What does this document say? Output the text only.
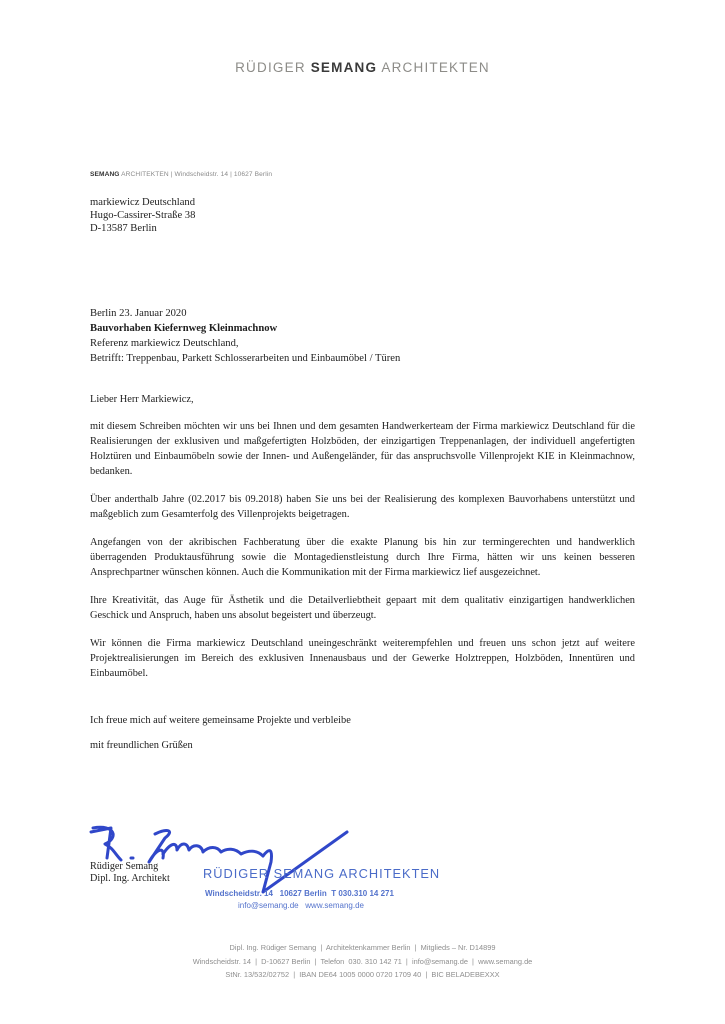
RÜDIGER SEMANG ARCHITEKTEN
SEMANG ARCHITEKTEN | Windscheidstr. 14 | 10627 Berlin
markiewicz Deutschland
Hugo-Cassirer-Straße 38
D-13587 Berlin
Berlin 23. Januar 2020
Bauvorhaben Kiefernweg Kleinmachnow
Referenz markiewicz Deutschland,
Betrifft: Treppenbau, Parkett Schlosserarbeiten und Einbaumöbel / Türen

Lieber Herr Markiewicz,

mit diesem Schreiben möchten wir uns bei Ihnen und dem gesamten Handwerkerteam der Firma markiewicz Deutschland für die Realisierungen der exklusiven und maßgefertigten Holzböden, der einzigartigen Treppenanlagen, der individuell angefertigten Holztüren und Einbaumöbeln sowie der Innen- und Außengeländer, für das anspruchsvolle Villenprojekt KIE in Kleinmachnow, bedanken.

Über anderthalb Jahre (02.2017 bis 09.2018) haben Sie uns bei der Realisierung des komplexen Bauvorhabens unterstützt und maßgeblich zum Gesamterfolg des Villenprojekts beigetragen.

Angefangen von der akribischen Fachberatung über die exakte Planung bis hin zur termingerechten und handwerklich überragenden Produktausführung sowie die Montagedienstleistung durch Ihre Firma, hätten wir uns keinen besseren Ansprechpartner wünschen können. Auch die Kommunikation mit der Firma markiewicz lief ausgezeichnet.

Ihre Kreativität, das Auge für Ästhetik und die Detailverliebtheit gepaart mit dem qualitativ einzigartigen handwerklichen Geschick und Anspruch, haben uns absolut begeistert und überzeugt.

Wir können die Firma markiewicz Deutschland uneingeschränkt weiterempfehlen und freuen uns schon jetzt auf weitere Projektrealisierungen im Bereich des exklusiven Innenausbaus und der Gewerke Holztreppen, Holzböden, Innentüren und Einbaumöbel.

Ich freue mich auf weitere gemeinsame Projekte und verbleibe

mit freundlichen Grüßen

Rüdiger Semang
Dipl. Ing. Architekt	RÜDIGER SEMANG ARCHITEKTEN
Windscheidstr. 14   10627 Berlin  T 030.310 14 271
info@semang.de   www.semang.de
Dipl. Ing. Rüdiger Semang  |  Architektenkammer Berlin  |  Mitglieds – Nr. D14899
Windscheidstr. 14  |  D-10627 Berlin  |  Telefon  030. 310 142 71  |  info@semang.de  |  www.semang.de
StNr. 13/532/02752  |  IBAN DE64 1005 0000 0720 1709 40  |  BIC BELADEBEXXX
